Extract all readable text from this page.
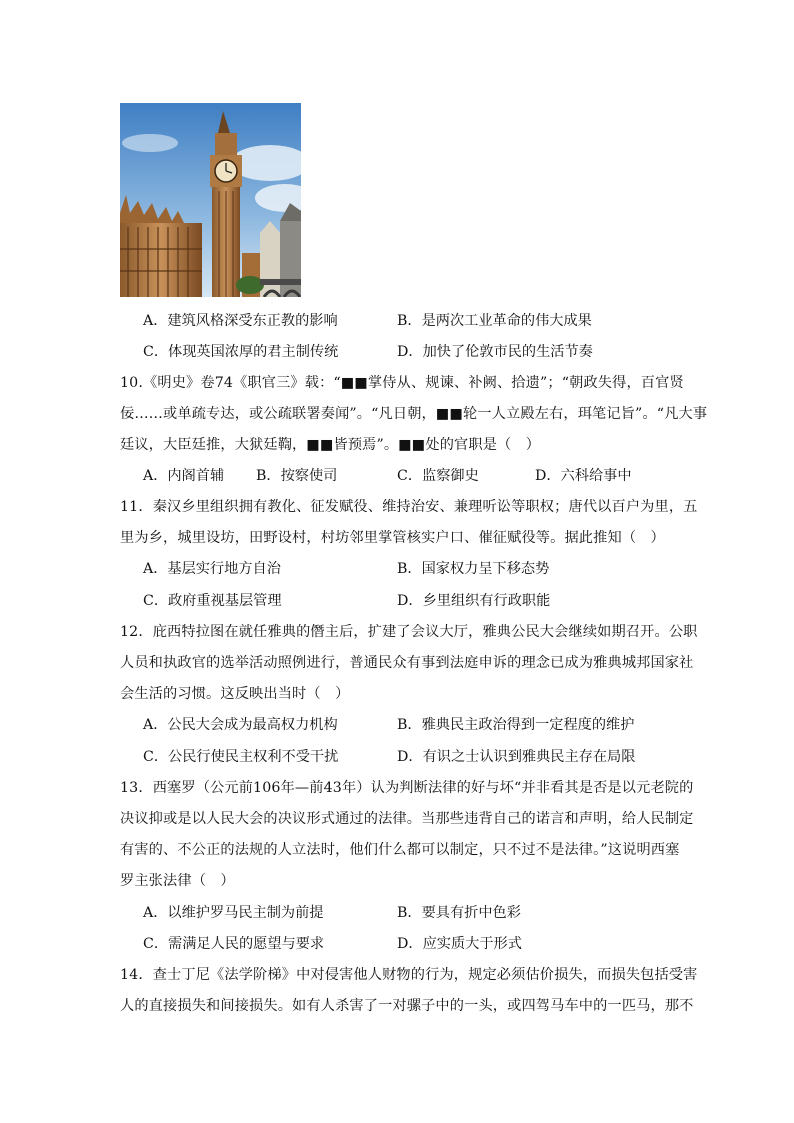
A．建筑风格深受东正教的影响	B．是两次工业革命的伟大成果
C．体现英国浓厚的君主制传统	D．加快了伦敦市民的生活节奏
10.《明史》卷74《职官三》载：“■■掌侍从、规谏、补阙、拾遗”；“朝政失得，百官贤
佞……或单疏专达，或公疏联署奏闻”。“凡日朝，■■轮一人立殿左右，珥笔记旨”。“凡大事
廷议，大臣廷推，大狱廷鞫，■■皆预焉”。■■处的官职是（　）
A．内阁首辅 B．按察使司	C．监察御史	D．六科给事中
11．秦汉乡里组织拥有教化、征发赋役、维持治安、兼理听讼等职权；唐代以百户为里，五
里为乡，城里设坊，田野设村，村坊邻里掌管核实户口、催征赋役等。据此推知（　）
A．基层实行地方自治	B．国家权力呈下移态势
C．政府重视基层管理	D．乡里组织有行政职能
12．庇西特拉图在就任雅典的僭主后，扩建了会议大厅，雅典公民大会继续如期召开。公职
人员和执政官的选举活动照例进行，普通民众有事到法庭申诉的理念已成为雅典城邦国家社
会生活的习惯。这反映出当时（　）
A．公民大会成为最高权力机构	B．雅典民主政治得到一定程度的维护
C．公民行使民主权利不受干扰	D．有识之士认识到雅典民主存在局限
13．西塞罗（公元前106年—前43年）认为判断法律的好与坏“并非看其是否是以元老院的
决议抑或是以人民大会的决议形式通过的法律。当那些违背自己的诺言和声明，给人民制定
有害的、不公正的法规的人立法时，他们什么都可以制定，只不过不是法律。”这说明西塞
罗主张法律（　）
A．以维护罗马民主制为前提	B．要具有折中色彩
C．需满足人民的愿望与要求	D．应实质大于形式
14．查士丁尼《法学阶梯》中对侵害他人财物的行为，规定必须估价损失，而损失包括受害
人的直接损失和间接损失。如有人杀害了一对骡子中的一头，或四驾马车中的一匹马，那不
